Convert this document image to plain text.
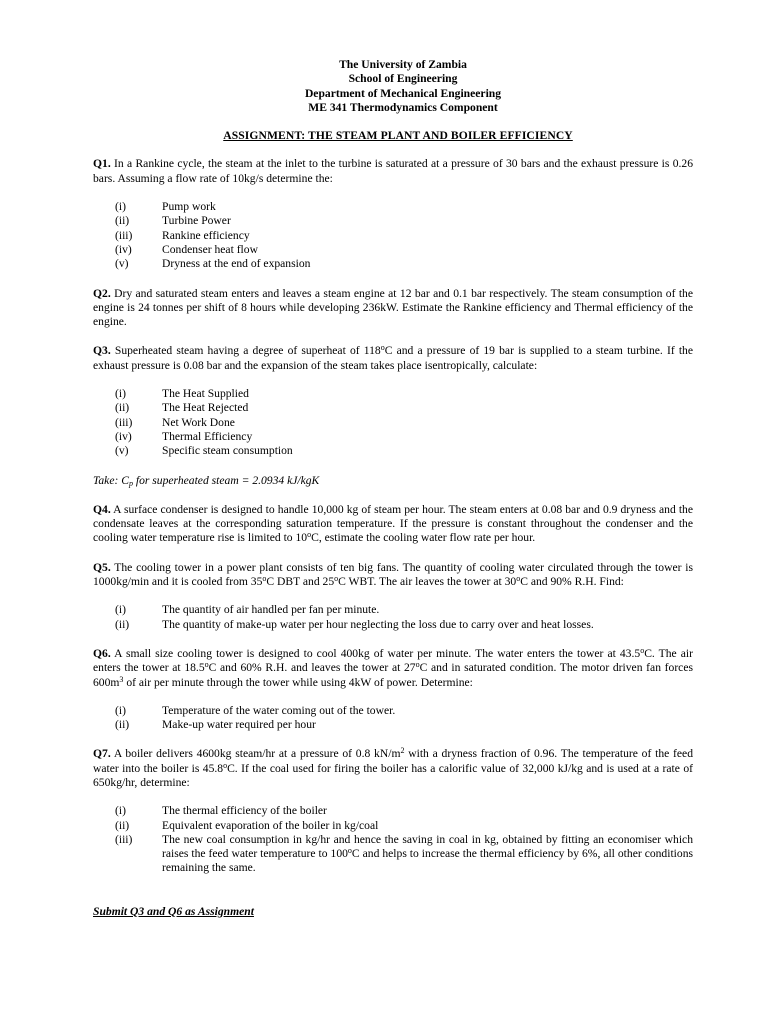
The University of Zambia
School of Engineering
Department of Mechanical Engineering
ME 341 Thermodynamics Component
ASSIGNMENT: THE STEAM PLANT AND BOILER EFFICIENCY

Q1. In a Rankine cycle, the steam at the inlet to the turbine is saturated at a pressure of 30 bars and the exhaust pressure is 0.26 bars. Assuming a flow rate of 10kg/s determine the:

(i)	Pump work
(ii)	Turbine Power
(iii)	Rankine efficiency
(iv)	Condenser heat flow
(v)	Dryness at the end of expansion

Q2. Dry and saturated steam enters and leaves a steam engine at 12 bar and 0.1 bar respectively. The steam consumption of the engine is 24 tonnes per shift of 8 hours while developing 236kW. Estimate the Rankine efficiency and Thermal efficiency of the engine.

Q3. Superheated steam having a degree of superheat of 118$^o$C and a pressure of 19 bar is supplied to a steam turbine. If the exhaust pressure is 0.08 bar and the expansion of the steam takes place isentropically, calculate:

(i)	The Heat Supplied
(ii)	The Heat Rejected
(iii)	Net Work Done
(iv)	Thermal Efficiency
(v)	Specific steam consumption

Take: $C_p$ for superheated steam = 2.0934 kJ/kgK

Q4. A surface condenser is designed to handle 10,000 kg of steam per hour. The steam enters at 0.08 bar and 0.9 dryness and the condensate leaves at the corresponding saturation temperature. If the pressure is constant throughout the condenser and the cooling water temperature rise is limited to 10$^o$C, estimate the cooling water flow rate per hour.

Q5. The cooling tower in a power plant consists of ten big fans. The quantity of cooling water circulated through the tower is 1000kg/min and it is cooled from 35$^o$C DBT and 25$^o$C WBT. The air leaves the tower at 30$^o$C and 90% R.H. Find:

(i)	The quantity of air handled per fan per minute.
(ii)	The quantity of make-up water per hour neglecting the loss due to carry over and heat losses.

Q6. A small size cooling tower is designed to cool 400kg of water per minute. The water enters the tower at 43.5$^o$C. The air enters the tower at 18.5$^o$C and 60% R.H. and leaves the tower at 27$^o$C and in saturated condition. The motor driven fan forces $600m^3$ of air per minute through the tower while using 4kW of power. Determine:

(i)	Temperature of the water coming out of the tower.
(ii)	Make-up water required per hour

Q7. A boiler delivers 4600kg steam/hr at a pressure of 0.8 $kN/m^2$ with a dryness fraction of 0.96. The temperature of the feed water into the boiler is 45.8$^o$C. If the coal used for firing the boiler has a calorific value of 32,000 kJ/kg and is used at a rate of 650kg/hr, determine:

(i)	The thermal efficiency of the boiler
(ii)	Equivalent evaporation of the boiler in kg/coal
(iii)	The new coal consumption in kg/hr and hence the saving in coal in kg, obtained by fitting an economiser which raises the feed water temperature to 100$^o$C and helps to increase the thermal efficiency by 6%, all other conditions remaining the same.

Submit Q3 and Q6 as Assignment
